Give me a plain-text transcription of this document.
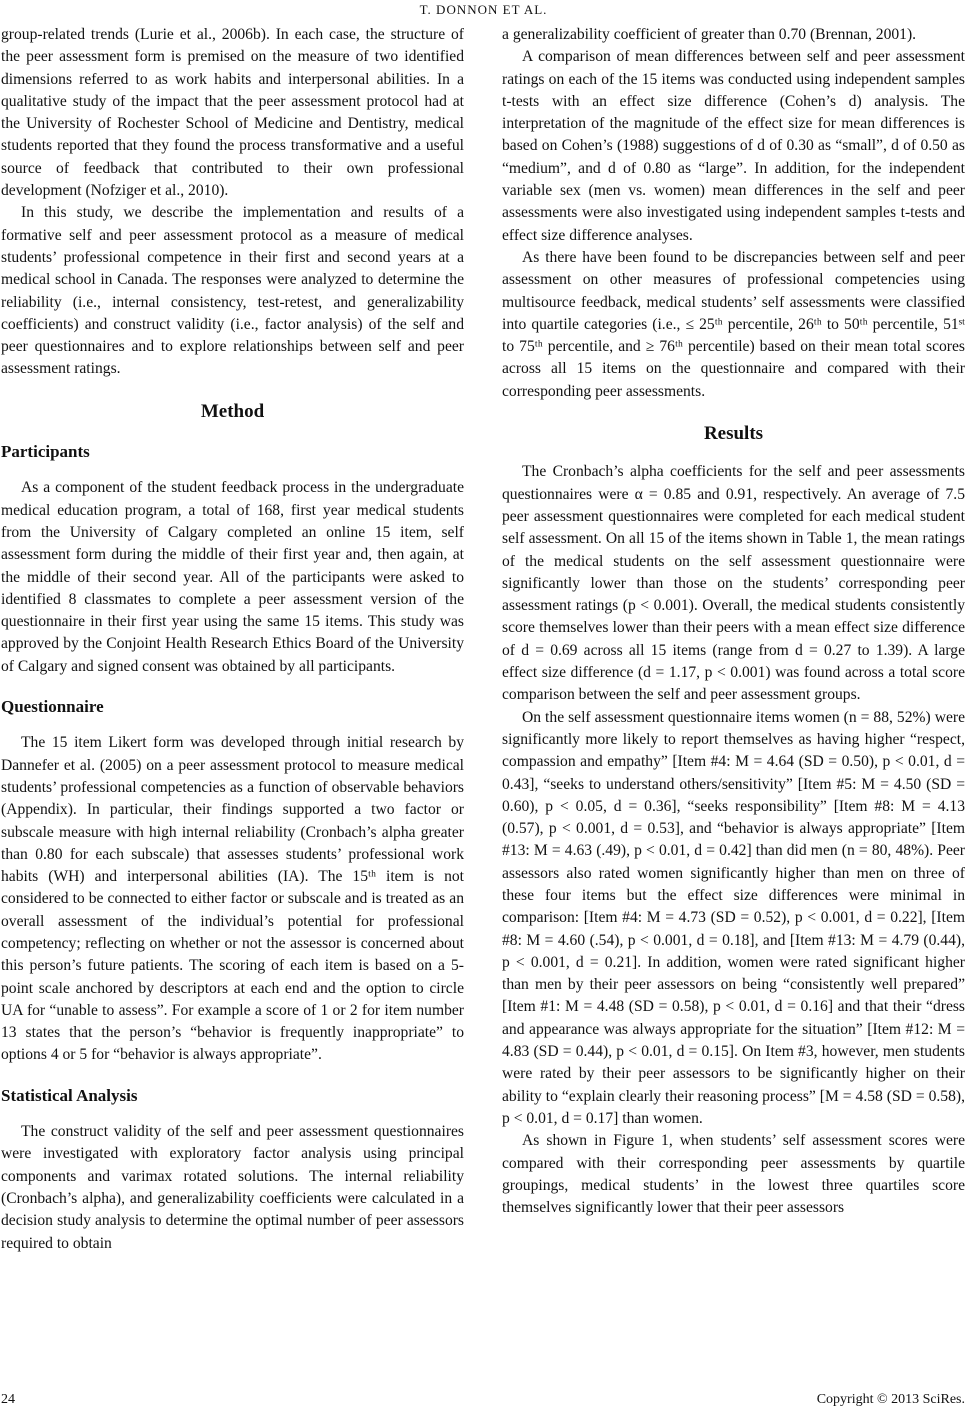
T. DONNON ET AL.

group-related trends (Lurie et al., 2006b). In each case, the structure of the peer assessment form is premised on the measure of two identified dimensions referred to as work habits and interpersonal abilities. In a qualitative study of the impact that the peer assessment protocol had at the University of Rochester School of Medicine and Dentistry, medical students reported that they found the process transformative and a useful source of feedback that contributed to their own professional development (Nofziger et al., 2010).

In this study, we describe the implementation and results of a formative self and peer assessment protocol as a measure of medical students’ professional competence in their first and second years at a medical school in Canada. The responses were analyzed to determine the reliability (i.e., internal consistency, test-retest, and generalizability coefficients) and construct validity (i.e., factor analysis) of the self and peer questionnaires and to explore relationships between self and peer assessment ratings.

Method
Participants

As a component of the student feedback process in the undergraduate medical education program, a total of 168, first year medical students from the University of Calgary completed an online 15 item, self assessment form during the middle of their first year and, then again, at the middle of their second year. All of the participants were asked to identified 8 classmates to complete a peer assessment version of the questionnaire in their first year using the same 15 items. This study was approved by the Conjoint Health Research Ethics Board of the University of Calgary and signed consent was obtained by all participants.

Questionnaire

The 15 item Likert form was developed through initial research by Dannefer et al. (2005) on a peer assessment protocol to measure medical students’ professional competencies as a function of observable behaviors (Appendix). In particular, their findings supported a two factor or subscale measure with high internal reliability (Cronbach’s alpha greater than 0.80 for each subscale) that assesses students’ professional work habits (WH) and interpersonal abilities (IA). The 15ᵗʰ item is not considered to be connected to either factor or subscale and is treated as an overall assessment of the individual’s potential for professional competency; reflecting on whether or not the assessor is concerned about this person’s future patients. The scoring of each item is based on a 5-point scale anchored by descriptors at each end and the option to circle UA for “unable to assess”. For example a score of 1 or 2 for item number 13 states that the person’s “behavior is frequently inappropriate” to options 4 or 5 for “behavior is always appropriate”.

Statistical Analysis

The construct validity of the self and peer assessment questionnaires were investigated with exploratory factor analysis using principal components and varimax rotated solutions. The internal reliability (Cronbach’s alpha), and generalizability coefficients were calculated in a decision study analysis to determine the optimal number of peer assessors required to obtain

a generalizability coefficient of greater than 0.70 (Brennan, 2001).

A comparison of mean differences between self and peer assessment ratings on each of the 15 items was conducted using independent samples t-tests with an effect size difference (Cohen’s d) analysis. The interpretation of the magnitude of the effect size for mean differences is based on Cohen’s (1988) suggestions of d of 0.30 as “small”, d of 0.50 as “medium”, and d of 0.80 as “large”. In addition, for the independent variable sex (men vs. women) mean differences in the self and peer assessments were also investigated using independent samples t-tests and effect size difference analyses.

As there have been found to be discrepancies between self and peer assessment on other measures of professional competencies using multisource feedback, medical students’ self assessments were classified into quartile categories (i.e., ≤ 25ᵗʰ percentile, 26ᵗʰ to 50ᵗʰ percentile, 51ˢᵗ to 75ᵗʰ percentile, and ≥ 76ᵗʰ percentile) based on their mean total scores across all 15 items on the questionnaire and compared with their corresponding peer assessments.

Results

The Cronbach’s alpha coefficients for the self and peer assessments questionnaires were α = 0.85 and 0.91, respectively. An average of 7.5 peer assessment questionnaires were completed for each medical student self assessment. On all 15 of the items shown in Table 1, the mean ratings of the medical students on the self assessment questionnaire were significantly lower than those on the students’ corresponding peer assessment ratings (p < 0.001). Overall, the medical students consistently score themselves lower than their peers with a mean effect size difference of d = 0.69 across all 15 items (range from d = 0.27 to 1.39). A large effect size difference (d = 1.17, p < 0.001) was found across a total score comparison between the self and peer assessment groups.

On the self assessment questionnaire items women (n = 88, 52%) were significantly more likely to report themselves as having higher “respect, compassion and empathy” [Item #4: M = 4.64 (SD = 0.50), p < 0.01, d = 0.43], “seeks to understand others/sensitivity” [Item #5: M = 4.50 (SD = 0.60), p < 0.05, d = 0.36], “seeks responsibility” [Item #8: M = 4.13 (0.57), p < 0.001, d = 0.53], and “behavior is always appropriate” [Item #13: M = 4.63 (.49), p < 0.01, d = 0.42] than did men (n = 80, 48%). Peer assessors also rated women significantly higher than men on three of these four items but the effect size differences were minimal in comparison: [Item #4: M = 4.73 (SD = 0.52), p < 0.001, d = 0.22], [Item #8: M = 4.60 (.54), p < 0.001, d = 0.18], and [Item #13: M = 4.79 (0.44), p < 0.001, d = 0.21]. In addition, women were rated significant higher than men by their peer assessors on being “consistently well prepared” [Item #1: M = 4.48 (SD = 0.58), p < 0.01, d = 0.16] and that their “dress and appearance was always appropriate for the situation” [Item #12: M = 4.83 (SD = 0.44), p < 0.01, d = 0.15]. On Item #3, however, men students were rated by their peer assessors to be significantly higher on their ability to “explain clearly their reasoning process” [M = 4.58 (SD = 0.58), p < 0.01, d = 0.17] than women.

As shown in Figure 1, when students’ self assessment scores were compared with their corresponding peer assessments by quartile groupings, medical students’ in the lowest three quartiles score themselves significantly lower that their peer assessors

24	Copyright © 2013 SciRes.
